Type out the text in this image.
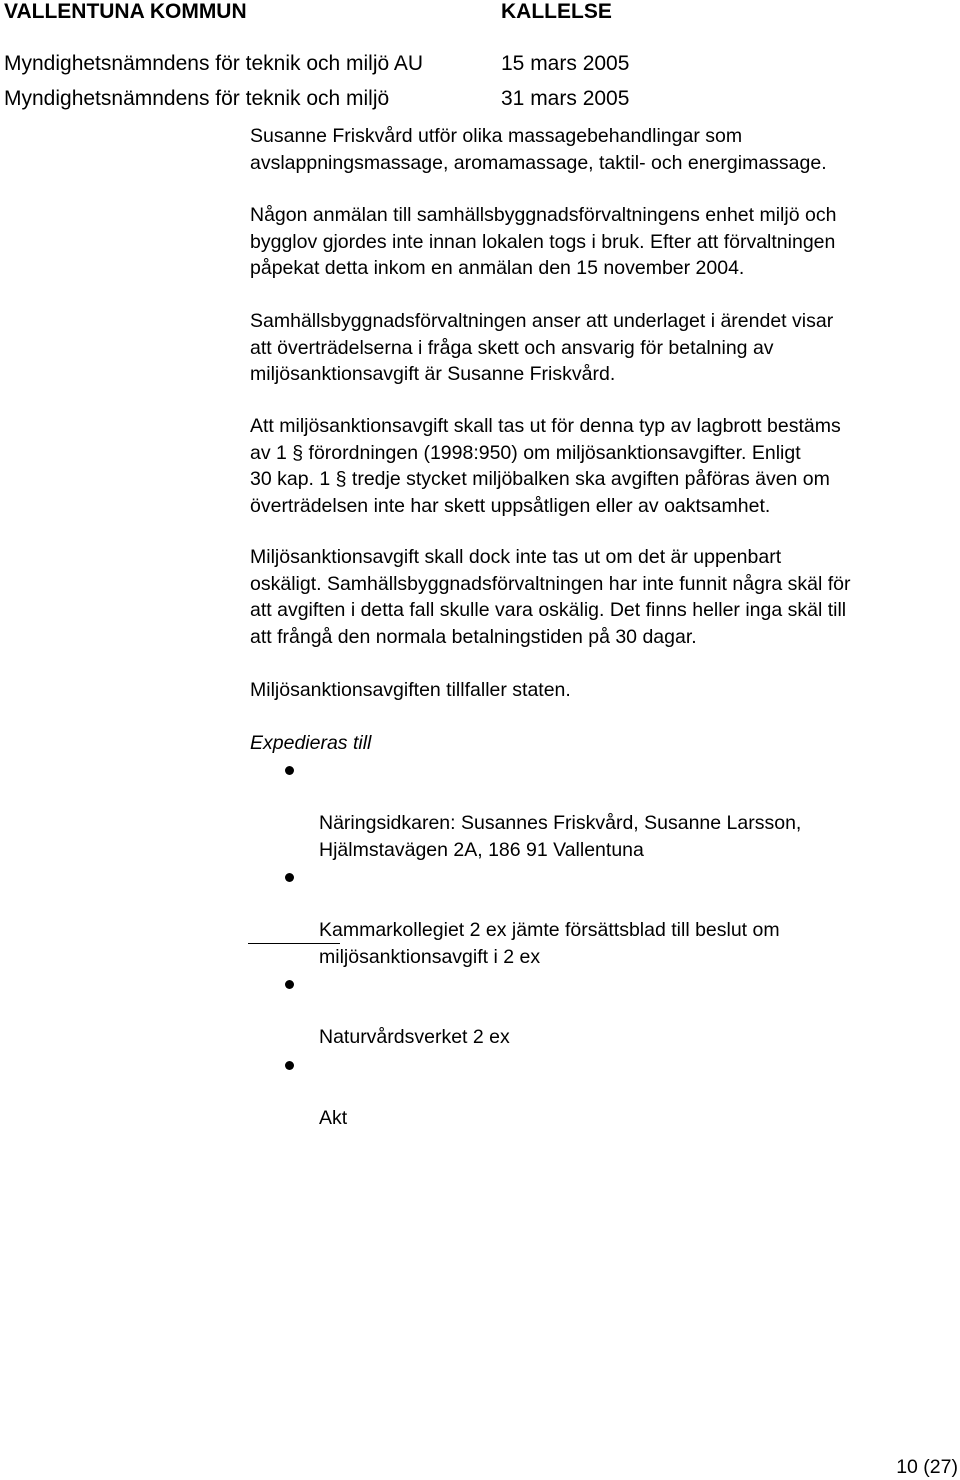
VALLENTUNA KOMMUN	KALLELSE
Myndighetsnämndens för teknik och miljö AU	15 mars 2005
Myndighetsnämndens för teknik och miljö	31 mars 2005

Susanne Friskvård utför olika massagebehandlingar som
avslappningsmassage, aromamassage, taktil- och energimassage.

Någon anmälan till samhällsbyggnadsförvaltningens enhet miljö och
bygglov gjordes inte innan lokalen togs i bruk. Efter att förvaltningen
påpekat detta inkom en anmälan den 15 november 2004.

Samhällsbyggnadsförvaltningen anser att underlaget i ärendet visar
att överträdelserna i fråga skett och ansvarig för betalning av
miljösanktionsavgift är Susanne Friskvård.

Att miljösanktionsavgift skall tas ut för denna typ av lagbrott bestäms
av 1 § förordningen (1998:950) om miljösanktionsavgifter. Enligt
30 kap. 1 § tredje stycket miljöbalken ska avgiften påföras även om
överträdelsen inte har skett uppsåtligen eller av oaktsamhet.

Miljösanktionsavgift skall dock inte tas ut om det är uppenbart
oskäligt. Samhällsbyggnadsförvaltningen har inte funnit några skäl för
att avgiften i detta fall skulle vara oskälig. Det finns heller inga skäl till
att frångå den normala betalningstiden på 30 dagar.

Miljösanktionsavgiften tillfaller staten.

Expedieras till

Näringsidkaren: Susannes Friskvård, Susanne Larsson,
Hjälmstavägen 2A, 186 91 Vallentuna

Kammarkollegiet 2 ex jämte försättsblad till beslut om
miljösanktionsavgift i 2 ex

Naturvårdsverket 2 ex

Akt

10 (27)
